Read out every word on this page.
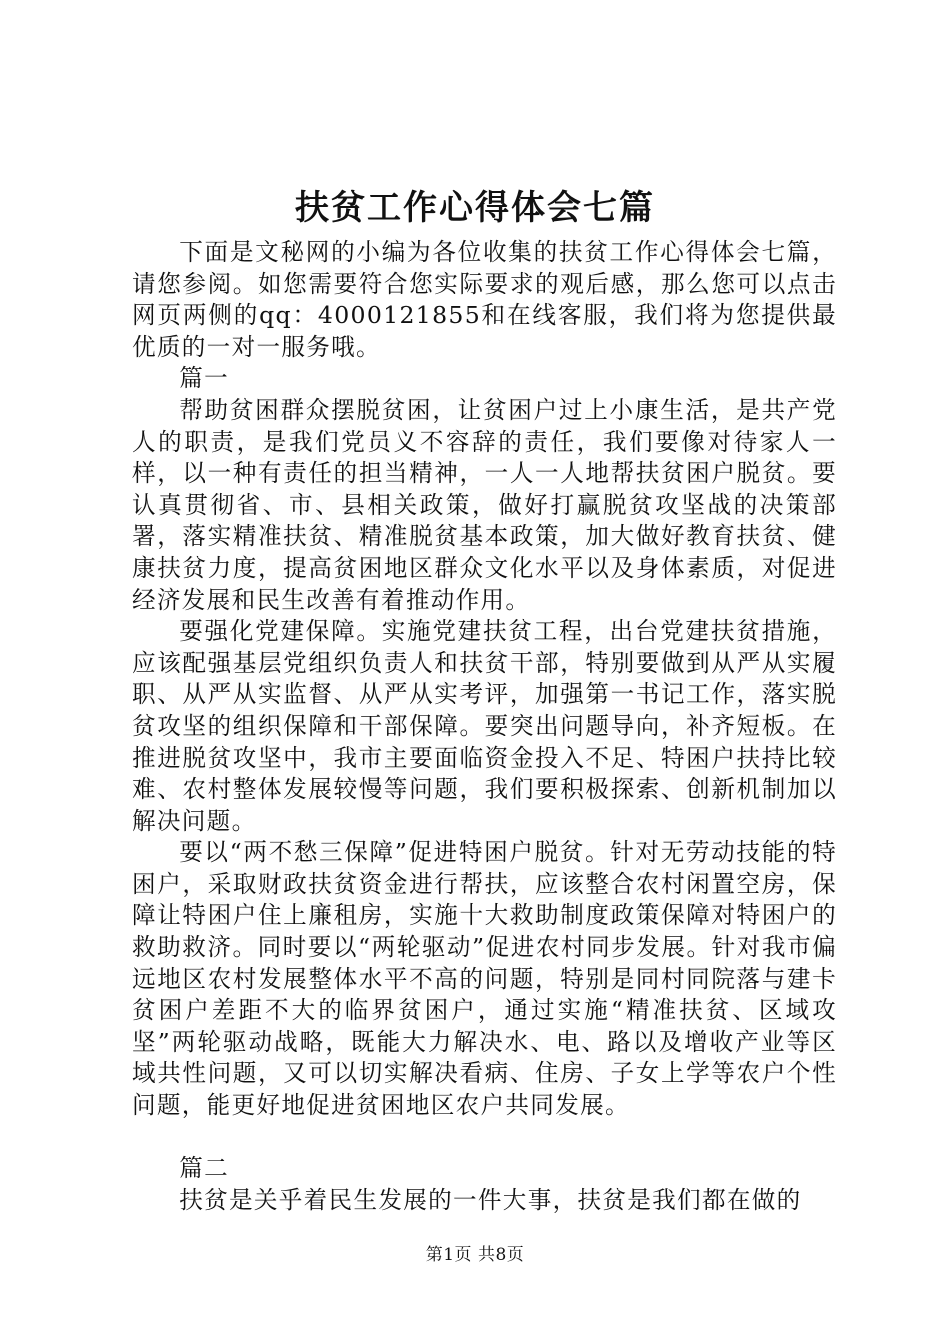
扶贫工作心得体会七篇

下面是文秘网的小编为各位收集的扶贫工作心得体会七篇，请您参阅。如您需要符合您实际要求的观后感，那么您可以点击网页两侧的qq：4000121855和在线客服，我们将为您提供最优质的一对一服务哦。

篇一

帮助贫困群众摆脱贫困，让贫困户过上小康生活，是共产党人的职责，是我们党员义不容辞的责任，我们要像对待家人一样，以一种有责任的担当精神，一人一人地帮扶贫困户脱贫。要认真贯彻省、市、县相关政策，做好打赢脱贫攻坚战的决策部署，落实精准扶贫、精准脱贫基本政策，加大做好教育扶贫、健康扶贫力度，提高贫困地区群众文化水平以及身体素质，对促进经济发展和民生改善有着推动作用。

要强化党建保障。实施党建扶贫工程，出台党建扶贫措施，应该配强基层党组织负责人和扶贫干部，特别要做到从严从实履职、从严从实监督、从严从实考评，加强第一书记工作，落实脱贫攻坚的组织保障和干部保障。要突出问题导向，补齐短板。在推进脱贫攻坚中，我市主要面临资金投入不足、特困户扶持比较难、农村整体发展较慢等问题，我们要积极探索、创新机制加以解决问题。

要以“两不愁三保障”促进特困户脱贫。针对无劳动技能的特困户，采取财政扶贫资金进行帮扶，应该整合农村闲置空房，保障让特困户住上廉租房，实施十大救助制度政策保障对特困户的救助救济。同时要以“两轮驱动”促进农村同步发展。针对我市偏远地区农村发展整体水平不高的问题，特别是同村同院落与建卡贫困户差距不大的临界贫困户，通过实施“精准扶贫、区域攻坚”两轮驱动战略，既能大力解决水、电、路以及增收产业等区域共性问题，又可以切实解决看病、住房、子女上学等农户个性问题，能更好地促进贫困地区农户共同发展。

篇二

扶贫是关乎着民生发展的一件大事，扶贫是我们都在做的

第1页 共8页
